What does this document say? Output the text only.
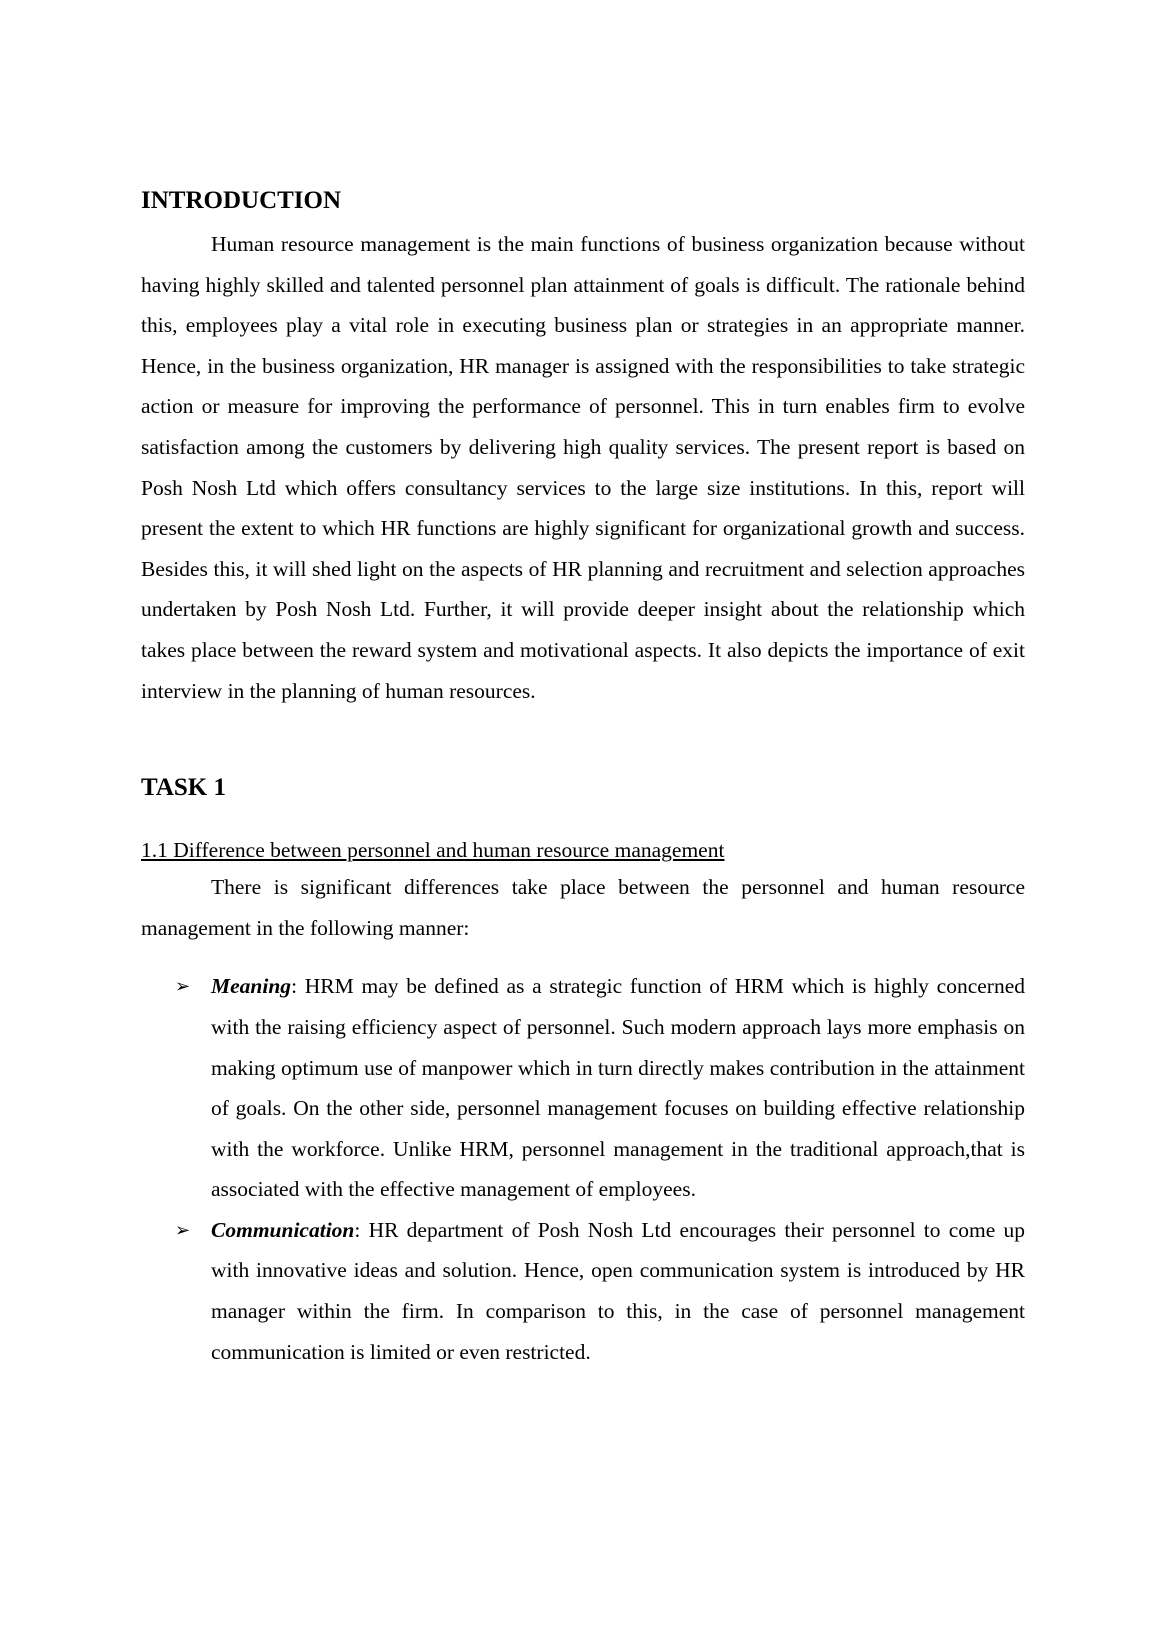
INTRODUCTION

Human resource management is the main functions of business organization because without having highly skilled and talented personnel plan attainment of goals is difficult. The rationale behind this, employees play a vital role in executing business plan or strategies in an appropriate manner. Hence, in the business organization, HR manager is assigned with the responsibilities to take strategic action or measure for improving the performance of personnel. This in turn enables firm to evolve satisfaction among the customers by delivering high quality services. The present report is based on Posh Nosh Ltd which offers consultancy services to the large size institutions. In this, report will present the extent to which HR functions are highly significant for organizational growth and success. Besides this, it will shed light on the aspects of HR planning and recruitment and selection approaches undertaken by Posh Nosh Ltd. Further, it will provide deeper insight about the relationship which takes place between the reward system and motivational aspects. It also depicts the importance of exit interview in the planning of human resources.

TASK 1

1.1 Difference between personnel and human resource management

There is significant differences take place between the personnel and human resource management in the following manner:

➢ Meaning: HRM may be defined as a strategic function of HRM which is highly concerned with the raising efficiency aspect of personnel. Such modern approach lays more emphasis on making optimum use of manpower which in turn directly makes contribution in the attainment of goals. On the other side, personnel management focuses on building effective relationship with the workforce. Unlike HRM, personnel management in the traditional approach,that is associated with the effective management of employees.
➢ Communication: HR department of Posh Nosh Ltd encourages their personnel to come up with innovative ideas and solution. Hence, open communication system is introduced by HR manager within the firm. In comparison to this, in the case of personnel management communication is limited or even restricted.
